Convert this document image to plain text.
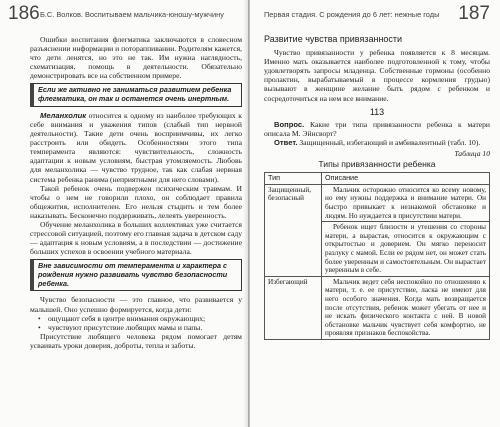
186 Б.С. Волков. Воспитываем мальчика-юношу-мужчину

Ошибки воспитания флегматика заключаются в словесном разъяснении информации и потораппивании. Родителям кажется, что дети ленятся, но это не так. Им нужна наглядность, схематизация, помощь в деятельности. Обязательно демонстрировать все на собственном примере.

Если же активно не заниматься развитием ребенка флегматика, он так и останется очень инертным.

Меланхолик относится к одному из наиболее требующих к себе внимания и уважения типов (слабый тип нервной деятельности). Такие дети очень восприимчивы, их легко расстроить или обидеть. Особенностями этого типа темперамента являются: чувствительность, сложность адаптации к новым условиям, быстрая утомляемость. Любовь для меланхолика — чувство трудное, так как слабая нервная система ребенка ранима (неприятными для него словами).

Такой ребенок очень подвержен психическим травмам. И чтобы о нем не говорили плохо, он соблюдает правила общежития, исполнителен. Его нельзя стыдить и тем более наказывать. Бесконечно поддерживать, лелеять уверенность.

Обучение меланхолика в больших коллективах уже считается стрессовой ситуацией, поэтому его главная задача в детском саду — адаптация к новым условиям, а в последствии — достижение больших успехов в освоении учебного материала.

Вне зависимости от темперамента и характера с рождения нужно развивать чувство безопасности ребенка.

Чувство безопасности — это главное, что развивается у малышей. Оно успешно формируется, когда дети:

• ощущают себя в центре внимания окружающих;
• чувствуют присутствие любящих мамы и папы.

Присутствие любящего человека рядом помогает детям усваивать уроки доверия, доброты, тепла и заботы.

Первая стадия. С рождения до 6 лет: нежные годы 187
Развитие чувства привязанности

Чувство привязанности у ребенка появляется к 8 месяцам. Именно мать оказывается наиболее подготовленной к тому, чтобы удовлетворять запросы младенца. Собственные гормоны (особенно пролактин, вырабатываемый в процессе кормления грудью) вызывают в женщине желание быть рядом с ребенком и сосредоточиться на нем все внимание.

113

Вопрос. Какие три типа привязанности ребенка к матери описала М. Эйнсворт?

Ответ. Защищенный, избегающий и амбивалентный (табл. 10).

Таблица 10
Типы привязанности ребенка
Тип	Описание
Защищенный, безопасный	Мальчик осторожно относится ко всему новому, но ему нужны поддержка и внимание матери. Он быстро привыкает к незнакомой обстановке и людям. Но нуждается в присутствии матери.
	Ребенок ищет близости и утешения со стороны матери, а вырастая, относится к окружающим с открытостью и доверием. Он мягко переносит разлуку с мамой. Если ее рядом нет, он может стать более уверенным и самостоятельным. Он вырастает уверенным в себе.
Избегающий	Мальчик ведет себя неспокойно по отношению к матери, т. е. ее присутствие, ласка не имеют для него особого значения. Когда мать возвращается после отсутствия, ребенок может убегать от нее и не искать физического контакта с ней. В новой обстановке мальчик чувствует себя комфортно, не проявляя признаков беспокойства.
